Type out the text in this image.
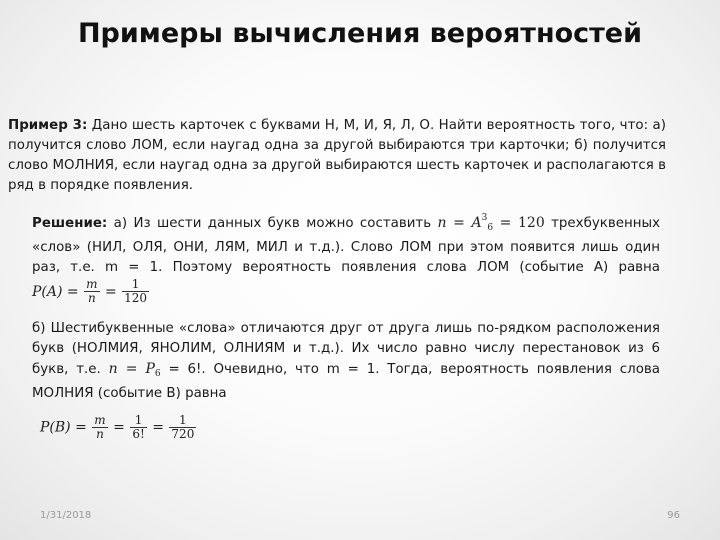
Примеры вычисления вероятностей

Пример 3: Дано шесть карточек с буквами Н, М, И, Я, Л, О. Найти вероятность того, что: а) получится слово ЛОМ, если наугад одна за другой выбираются три карточки; б) получится слово МОЛНИЯ, если наугад одна за другой выбираются шесть карточек и располагаются в ряд в порядке появления.

Решение: а) Из шести данных букв можно составить $n = A^3_6 = 120$ трехбуквенных «слов» (НИЛ, ОЛЯ, ОНИ, ЛЯМ, МИЛ и т.д.). Слово ЛОМ при этом появится лишь один раз, т.е. m = 1. Поэтому вероятность появления слова ЛОМ (событие А) равна $P(A) = \frac{m}{n} = \frac{1}{120}$

б) Шестибуквенные «слова» отличаются друг от друга лишь по-рядком расположения букв (НОЛМИЯ, ЯНОЛИМ, ОЛНИЯМ и т.д.). Их число равно числу перестановок из 6 букв, т.е. $n = P_6 = 6$!. Очевидно, что m = 1. Тогда, вероятность появления слова МОЛНИЯ (событие В) равна

$P(B) = \frac{m}{n} = \frac{1}{6!} = \frac{1}{720}$
1/31/2018	96
